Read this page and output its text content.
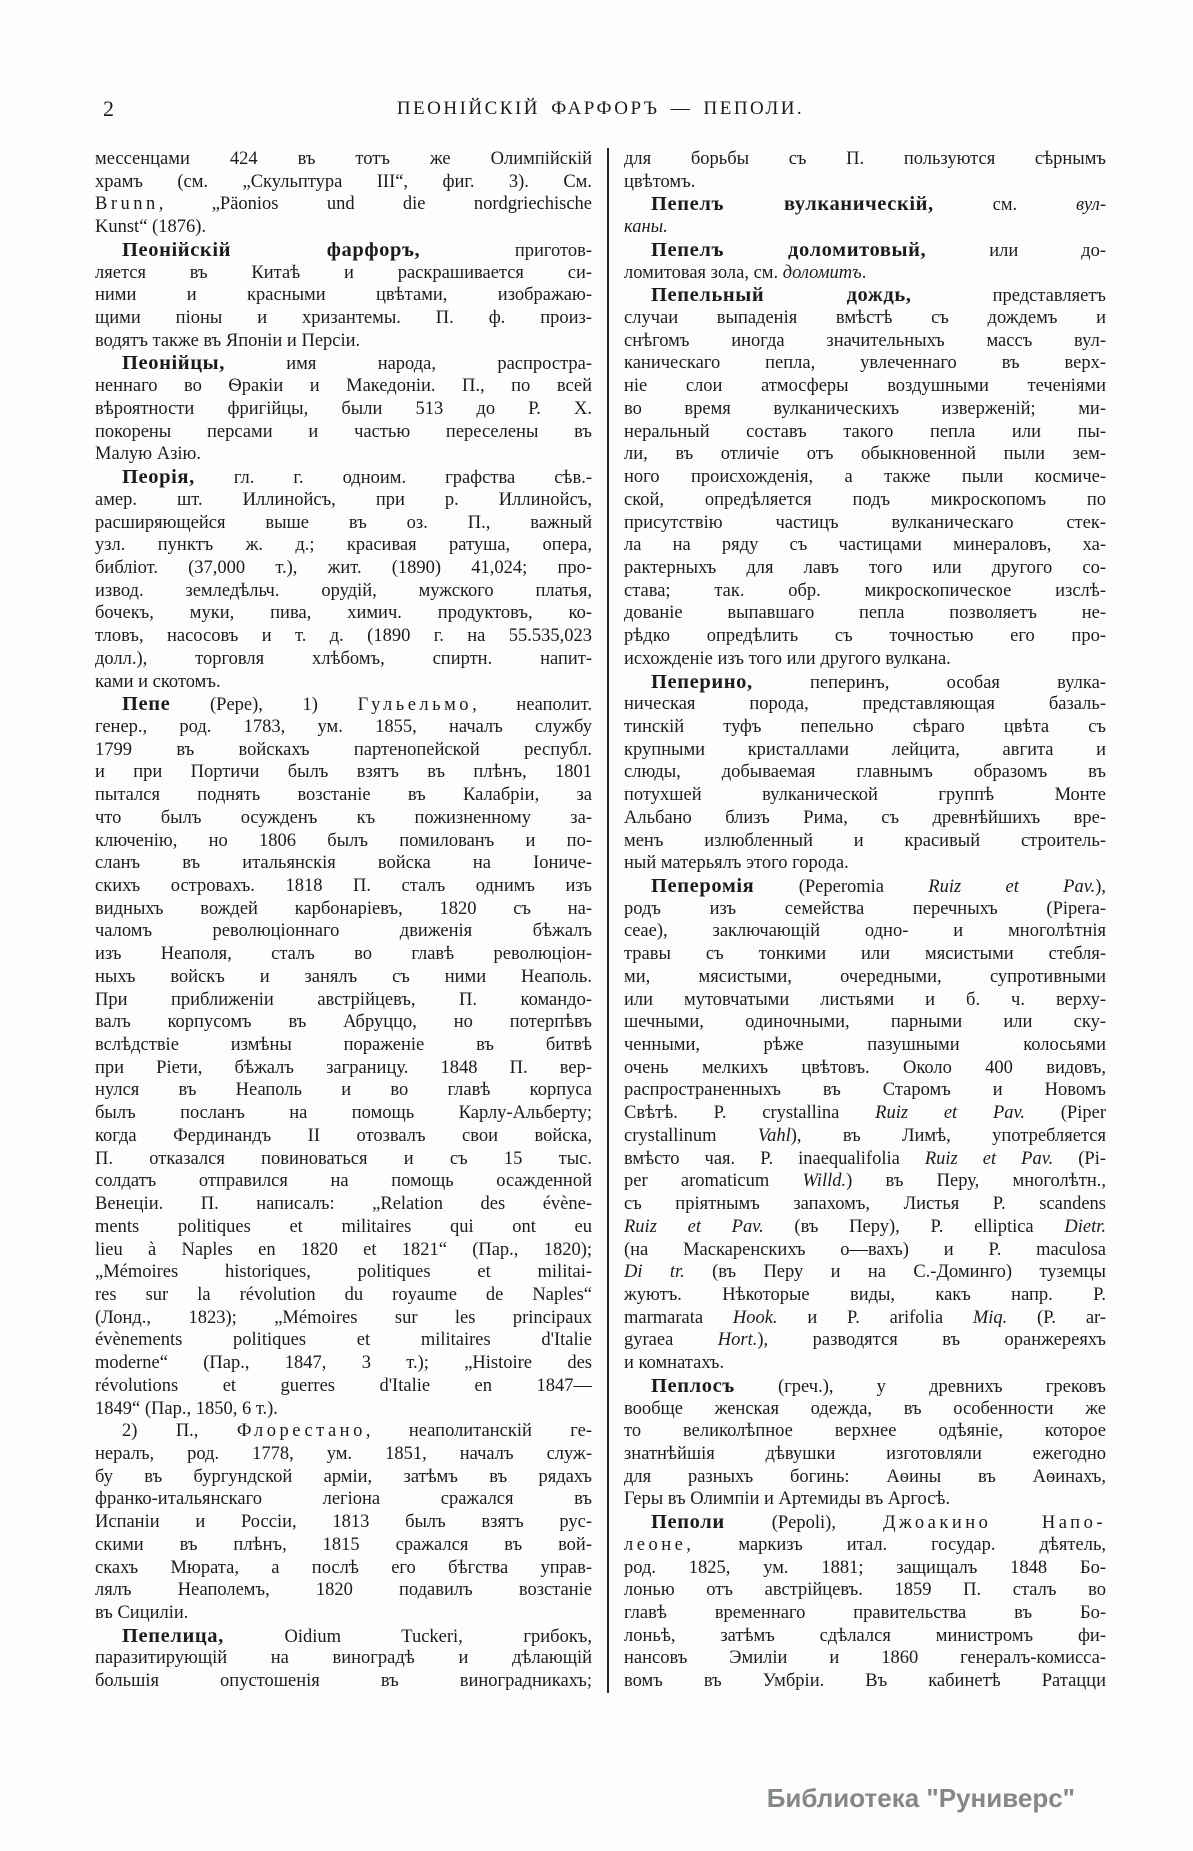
2	ПЕОНІЙСКІЙ ФАРФОРЪ — ПЕПОЛИ.
мессенцами 424 въ тотъ же Олимпійскій
храмъ (см. „Скульптура III“, фиг. 3). См.
Brunn, „Päonios und die nordgriechische
Kunst“ (1876).
Пеонійскій фарфоръ, приготов-
ляется въ Китаѣ и раскрашивается си-
ними и красными цвѣтами, изображаю-
щими піоны и хризантемы. П. ф. произ-
водятъ также въ Японіи и Персіи.
Пеонійцы, имя народа, распростра-
неннаго во Ѳракіи и Македоніи. П., по всей
вѣроятности фригійцы, были 513 до Р. Х.
покорены персами и частью переселены въ
Малую Азію.
Пеорія, гл. г. одноим. графства сѣв.-
амер. шт. Иллинойсъ, при р. Иллинойсъ,
расширяющейся выше въ оз. П., важный
узл. пунктъ ж. д.; красивая ратуша, опера,
библіот. (37,000 т.), жит. (1890) 41,024; про-
извод. земледѣльч. орудій, мужского платья,
бочекъ, муки, пива, химич. продуктовъ, ко-
тловъ, насосовъ и т. д. (1890 г. на 55.535,023
долл.), торговля хлѣбомъ, спиртн. напит-
ками и скотомъ.
Пепе (Pepe), 1) Гульельмо, неаполит.
генер., род. 1783, ум. 1855, началъ службу
1799 въ войскахъ партенопейской республ.
и при Портичи былъ взятъ въ плѣнъ, 1801
пытался поднять возстаніе въ Калабріи, за
что былъ осужденъ къ пожизненному за-
ключенію, но 1806 былъ помилованъ и по-
сланъ въ итальянскія войска на Іониче-
скихъ островахъ. 1818 П. сталъ однимъ изъ
видныхъ вождей карбонаріевъ, 1820 съ на-
чаломъ революціоннаго движенія бѣжалъ
изъ Неаполя, сталъ во главѣ революціон-
ныхъ войскъ и занялъ съ ними Неаполь.
При приближеніи австрійцевъ, П. командо-
валъ корпусомъ въ Абруццо, но потерпѣвъ
вслѣдствіе измѣны пораженіе въ битвѣ
при Ріети, бѣжалъ заграницу. 1848 П. вер-
нулся въ Неаполь и во главѣ корпуса
былъ посланъ на помощь Карлу-Альберту;
когда Фердинандъ II отозвалъ свои войска,
П. отказался повиноваться и съ 15 тыс.
солдатъ отправился на помощь осажденной
Венеціи. П. написалъ: „Relation des évène-
ments politiques et militaires qui ont eu
lieu à Naples en 1820 et 1821“ (Пар., 1820);
„Mémoires historiques, politiques et militai-
res sur la révolution du royaume de Naples“
(Лонд., 1823); „Mémoires sur les principaux
évènements politiques et militaires d'Italie
moderne“ (Пар., 1847, 3 т.); „Histoire des
révolutions et guerres d'Italie en 1847—
1849“ (Пар., 1850, 6 т.).
2) П., Флорестано, неаполитанскій ге-
нералъ, род. 1778, ум. 1851, началъ служ-
бу въ бургундской арміи, затѣмъ въ рядахъ
франко-итальянскаго легіона сражался въ
Испаніи и Россіи, 1813 былъ взятъ рус-
скими въ плѣнъ, 1815 сражался въ вой-
скахъ Мюрата, а послѣ его бѣгства управ-
лялъ Неаполемъ, 1820 подавилъ возстаніе
въ Сициліи.
Пепелица, Oidium Tuckeri, грибокъ,
паразитирующій на виноградѣ и дѣлающій
большія опустошенія въ виноградникахъ;
для борьбы съ П. пользуются сѣрнымъ
цвѣтомъ.
Пепелъ вулканическій, см. вул-
каны.
Пепелъ доломитовый, или до-
ломитовая зола, см. доломитъ.
Пепельный дождь, представляетъ
случаи выпаденія вмѣстѣ съ дождемъ и
снѣгомъ иногда значительныхъ массъ вул-
каническаго пепла, увлеченнаго въ верх-
ніе слои атмосферы воздушными теченіями
во время вулканическихъ изверженій; ми-
неральный составъ такого пепла или пы-
ли, въ отличіе отъ обыкновенной пыли зем-
ного происхожденія, а также пыли космиче-
ской, опредѣляется подъ микроскопомъ по
присутствію частицъ вулканическаго стек-
ла на ряду съ частицами минераловъ, ха-
рактерныхъ для лавъ того или другого со-
става; так. обр. микроскопическое изслѣ-
дованіе выпавшаго пепла позволяетъ не-
рѣдко опредѣлить съ точностью его про-
исхожденіе изъ того или другого вулкана.
Пеперино, пеперинъ, особая вулка-
ническая порода, представляющая базаль-
тинскій туфъ пепельно сѣраго цвѣта съ
крупными кристаллами лейцита, авгита и
слюды, добываемая главнымъ образомъ въ
потухшей вулканической группѣ Монте
Альбано близъ Рима, съ древнѣйшихъ вре-
менъ излюбленный и красивый строитель-
ный матерьялъ этого города.
Пеперомія (Peperomia Ruiz et Pav.),
родъ изъ семейства перечныхъ (Pipera-
ceae), заключающій одно- и многолѣтнія
травы съ тонкими или мясистыми стебля-
ми, мясистыми, очередными, супротивными
или мутовчатыми листьями и б. ч. верху-
шечными, одиночными, парными или ску-
ченными, рѣже пазушными колосьями
очень мелкихъ цвѣтовъ. Около 400 видовъ,
распространенныхъ въ Старомъ и Новомъ
Свѣтѣ. P. crystallina Ruiz et Pav. (Piper
crystallinum Vahl), въ Лимѣ, употребляется
вмѣсто чая. P. inaequalifolia Ruiz et Pav. (Pi-
per aromaticum Willd.) въ Перу, многолѣтн.,
съ пріятнымъ запахомъ, Листья P. scandens
Ruiz et Pav. (въ Перу), P. elliptica Dietr.
(на Маскаренскихъ о—вахъ) и P. maculosa
Di tr. (въ Перу и на С.-Доминго) туземцы
жуютъ. Нѣкоторые виды, какъ напр. P.
marmarata Hook. и P. arifolia Miq. (P. ar-
gyraea Hort.), разводятся въ оранжереяхъ
и комнатахъ.
Пеплосъ (греч.), у древнихъ грековъ
вообще женская одежда, въ особенности же
то великолѣпное верхнее одѣяніе, которое
знатнѣйшія дѣвушки изготовляли ежегодно
для разныхъ богинь: Аѳины въ Аѳинахъ,
Геры въ Олимпіи и Артемиды въ Аргосѣ.
Пеполи (Pepoli), Джоакино Напо-
леоне, маркизъ итал. государ. дѣятель,
род. 1825, ум. 1881; защищалъ 1848 Бо-
лонью отъ австрійцевъ. 1859 П. сталъ во
главѣ временнаго правительства въ Бо-
лоньѣ, затѣмъ сдѣлался министромъ фи-
нансовъ Эмиліи и 1860 генералъ-комисса-
вомъ въ Умбріи. Въ кабинетѣ Ратацци
Библиотека "Руниверс"
